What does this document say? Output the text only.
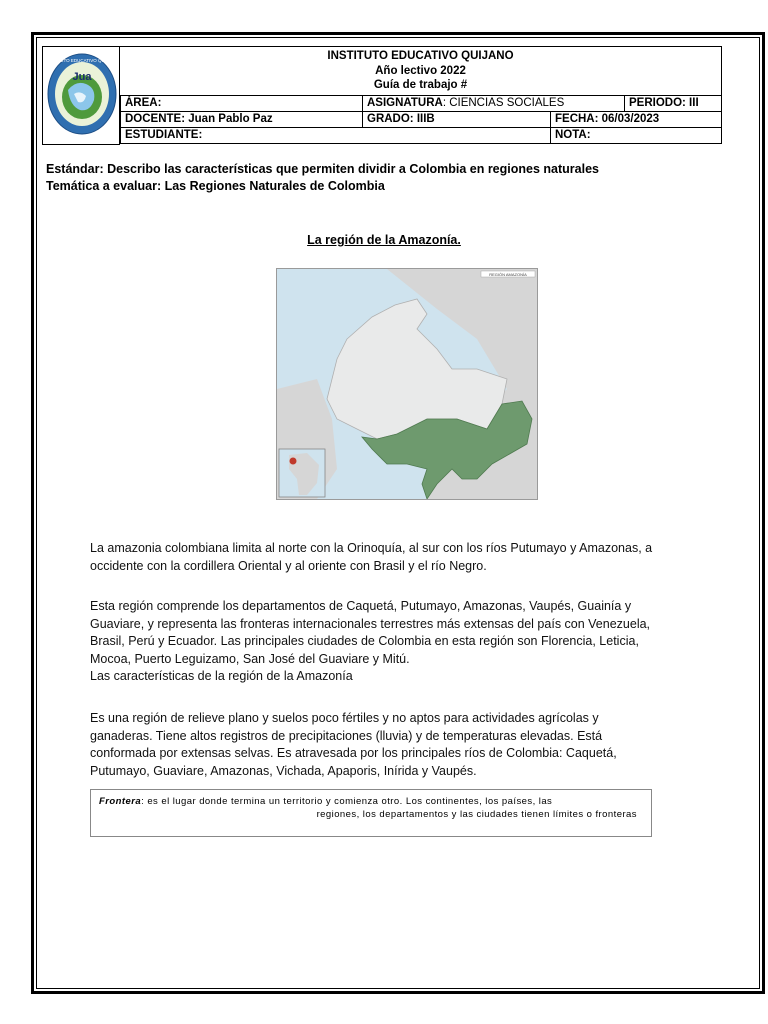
Jua
INSTITUTO EDUCATIVO QUIJANO	INSTITUTO EDUCATIVO QUIJANO
Año lectivo 2022
Guía de trabajo #
ÁREA:	ASIGNATURA: CIENCIAS SOCIALES	PERIODO: III
DOCENTE: Juan Pablo Paz	GRADO: IIIB	FECHA: 06/03/2023
ESTUDIANTE:	NOTA:
Estándar: Describo las características que permiten dividir a Colombia en regiones naturales
Temática a evaluar: Las Regiones Naturales de Colombia
La región de la Amazonía.
REGIÓN AMAZONÍA
La amazonia colombiana limita al norte con la Orinoquía, al sur con los ríos Putumayo y Amazonas, a
occidente con la cordillera Oriental y al oriente con Brasil y el río Negro.
Esta región comprende los departamentos de Caquetá, Putumayo, Amazonas, Vaupés, Guainía y
Guaviare, y representa las fronteras internacionales terrestres más extensas del país con Venezuela,
Brasil, Perú y Ecuador. Las principales ciudades de Colombia en esta región son Florencia, Leticia,
Mocoa, Puerto Leguizamo, San José del Guaviare y Mitú.
Las características de la región de la Amazonía
Es una región de relieve plano y suelos poco fértiles y no aptos para actividades agrícolas y
ganaderas. Tiene altos registros de precipitaciones (lluvia) y de temperaturas elevadas. Está
conformada por extensas selvas. Es atravesada por los principales ríos de Colombia: Caquetá,
Putumayo, Guaviare, Amazonas, Vichada, Apaporis, Inírida y Vaupés.
Frontera: es el lugar donde termina un territorio y comienza otro. Los continentes, los países, las
regiones, los departamentos y las ciudades tienen límites o fronteras
